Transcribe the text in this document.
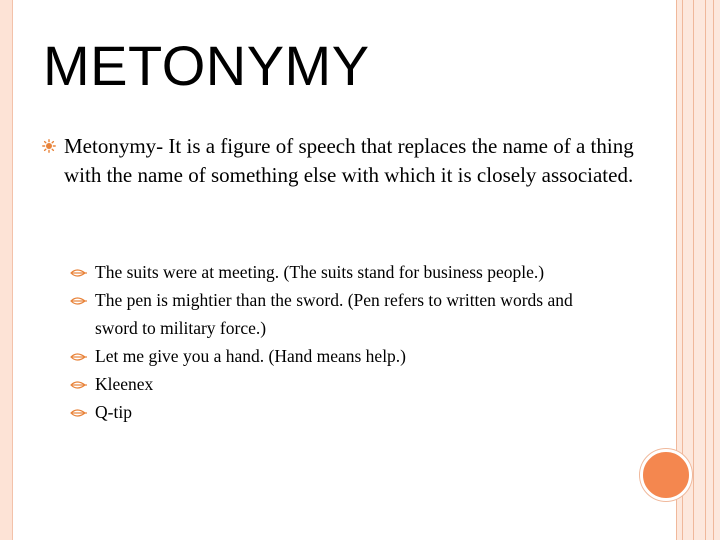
METONYMY
Metonymy- It is a figure of speech that replaces the name of a thing with the name of something else with which it is closely associated.
The suits were at meeting. (The suits stand for business people.)
The pen is mightier than the sword. (Pen refers to written words and sword to military force.)
Let me give you a hand. (Hand means help.)
Kleenex
Q-tip
